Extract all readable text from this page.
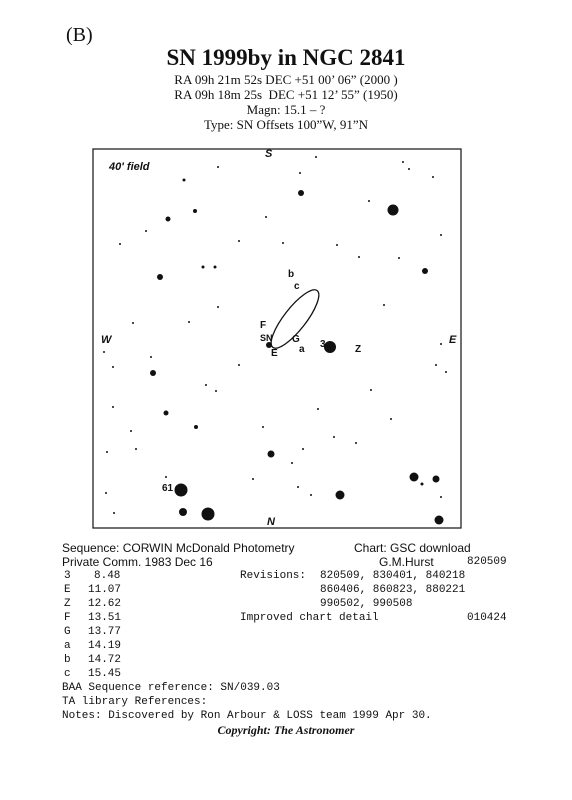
(B)
SN 1999by in NGC 2841
RA 09h 21m 52s DEC +51 00’ 06” (2000 )
RA 09h 18m 25s  DEC +51 12’ 55” (1950)
Magn: 15.1 – ?
Type: SN Offsets 100”W, 91”N
40' field
S
N
W	E
b
c
F
SN G
E a 3	Z
61
Sequence: CORWIN McDonald Photometry
Private Comm. 1983 Dec 16
Chart: GSC download
G.M.Hurst	820509
Revisions: 820509, 830401, 840218
860406, 860823, 880221
990502, 990508
Improved chart detail	010424
3 8.48
E 11.07
Z 12.62
F 13.51
G 13.77
a 14.19
b 14.72
c 15.45
BAA Sequence reference: SN/039.03
TA library References:
Notes: Discovered by Ron Arbour & LOSS team 1999 Apr 30.
Copyright: The Astronomer
